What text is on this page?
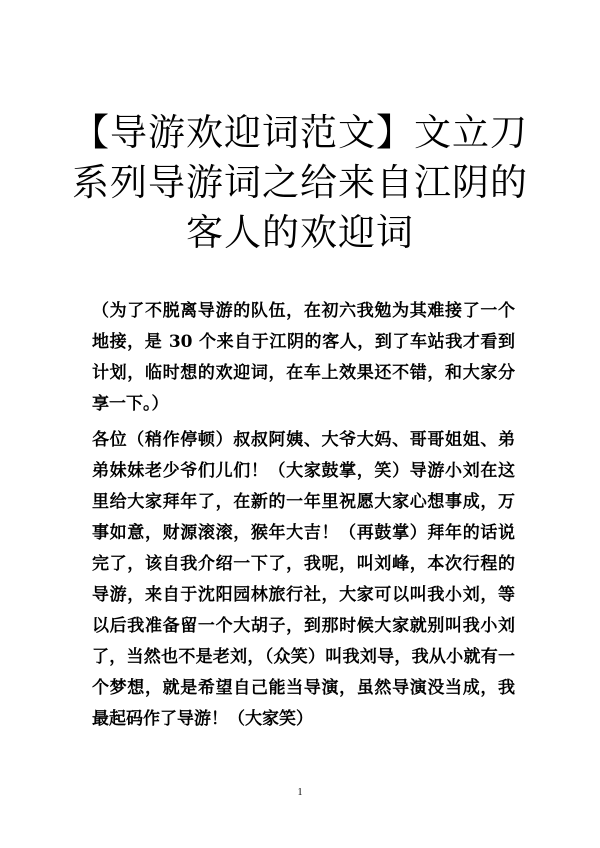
【导游欢迎词范文】文立刀系列导游词之给来自江阴的客人的欢迎词

（为了不脱离导游的队伍，在初六我勉为其难接了一个地接，是 30 个来自于江阴的客人，到了车站我才看到计划，临时想的欢迎词，在车上效果还不错，和大家分享一下。）

各位（稍作停顿）叔叔阿姨、大爷大妈、哥哥姐姐、弟弟妹妹老少爷们儿们！（大家鼓掌，笑）导游小刘在这里给大家拜年了，在新的一年里祝愿大家心想事成，万事如意，财源滚滚，猴年大吉！（再鼓掌）拜年的话说完了，该自我介绍一下了，我呢，叫刘峰，本次行程的导游，来自于沈阳园林旅行社，大家可以叫我小刘，等以后我准备留一个大胡子，到那时候大家就别叫我小刘了，当然也不是老刘，（众笑）叫我刘导，我从小就有一个梦想，就是希望自己能当导演，虽然导演没当成，我最起码作了导游！（大家笑）

1
